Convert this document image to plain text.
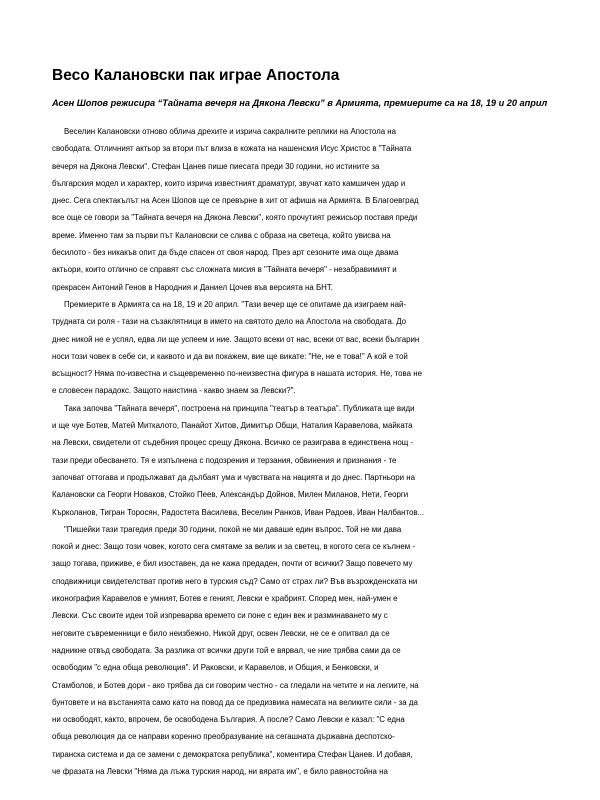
Весо Калановски пак играе Апостола

Асен Шопов режисира “Тайната вечеря на Дякона Левски” в Армията, премиерите са на 18, 19 и 20 април

Веселин Калановски отново облича дрехите и изрича сакралните реплики на Апостола на
свободата. Отличният актьор за втори път влиза в кожата на нашенския Исус Христос в "Тайната
вечеря на Дякона Левски". Стефан Цанев пише пиесата преди 30 години, но истините за
българския модел и характер, които изрича известният драматург, звучат като камшичен удар и
днес. Сега спектакълът на Асен Шопов ще се превърне в хит от афиша на Армията. В Благоевград
все още се говори за "Тайната вечеря на Дякона Левски", която прочутият режисьор поставя преди
време. Именно там за първи път Калановски се слива с образа на светеца, който увисва на
бесилото - без никакъв опит да бъде спасен от своя народ. През арт сезоните има още двама
актьори, които отлично се справят със сложната мисия в "Тайната вечеря" - незабравимият и
прекрасен Антоний Генов в Народния и Даниел Цочев във версията на БНТ.
Премиерите в Армията са на 18, 19 и 20 април. "Тази вечер ще се опитаме да изиграем най-
трудната си роля - тази на съзаклятници в името на святото дело на Апостола на свободата. До
днес никой не е успял, едва ли ще успеем и ние. Защото всеки от нас, всеки от вас, всеки българин
носи този човек в себе си, и каквото и да ви покажем, вие ще викате: "Не, не е това!" А кой е той
всъщност? Няма по-известна и същевременно по-неизвестна фигура в нашата история. Не, това не
е словесен парадокс. Защото наистина - какво знаем за Левски?".
Така започва "Тайната вечеря", построена на принципа "театър в театъра". Публиката ще види
и ще чуе Ботев, Матей Миткалото, Панайот Хитов, Димитър Общи, Наталия Каравелова, майката
на Левски, свидетели от съдебния процес срещу Дякона. Всичко се разиграва в единствена нощ -
тази преди обесването. Тя е изпълнена с подозрения и терзания, обвинения и признания - те
започват оттогава и продължават да дълбаят ума и чувствата на нацията и до днес. Партньори на
Калановски са Георги Новаков, Стойко Пеев, Александър Дойнов, Милен Миланов, Нети, Георги
Кърколанов, Тигран Торосян, Радостета Василева, Веселин Ранков, Иван Радоев, Иван Налбантов...
"Пишейки тази трагедия преди 30 години, покой не ми даваше един въпрос. Той не ми дава
покой и днес: Защо този човек, когото сега смятаме за велик и за светец, в когото сега се кълнем -
защо тогава, приживе, е бил изоставен, да не кажа предаден, почти от всички? Защо повечето му
сподвижници свидетелстват против него в турския съд? Само от страх ли? Във възрожденската ни
иконография Каравелов е умният, Ботев е геният, Левски е храбрият. Според мен, най-умен е
Левски. Със своите идеи той изпреварва времето си поне с един век и разминаването му с
неговите съвременници е било неизбежно. Никой друг, освен Левски, не се е опитвал да се
надникне отвъд свободата. За разлика от всички други той е вярвал, че ние трябва сами да се
освободим "с една обща революция". И Раковски, и Каравелов, и Общия, и Бенковски, и
Стамболов, и Ботев дори - ако трябва да си говорим честно - са гледали на четите и на легиите, на
бунтовете и на въстанията само като на повод да се предизвика намесата на великите сили - за да
ни освободят, както, впрочем, бе освободена България. А после? Само Левски е казал: "С една
обща революция да се направи коренно преобразувание на сегашната държавна деспотско-
тиранска система и да се замени с демократска република", коментира Стефан Цанев. И добавя,
че фразата на Левски "Няма да лъжа турския народ, ни вярата им", е било равностойна на
